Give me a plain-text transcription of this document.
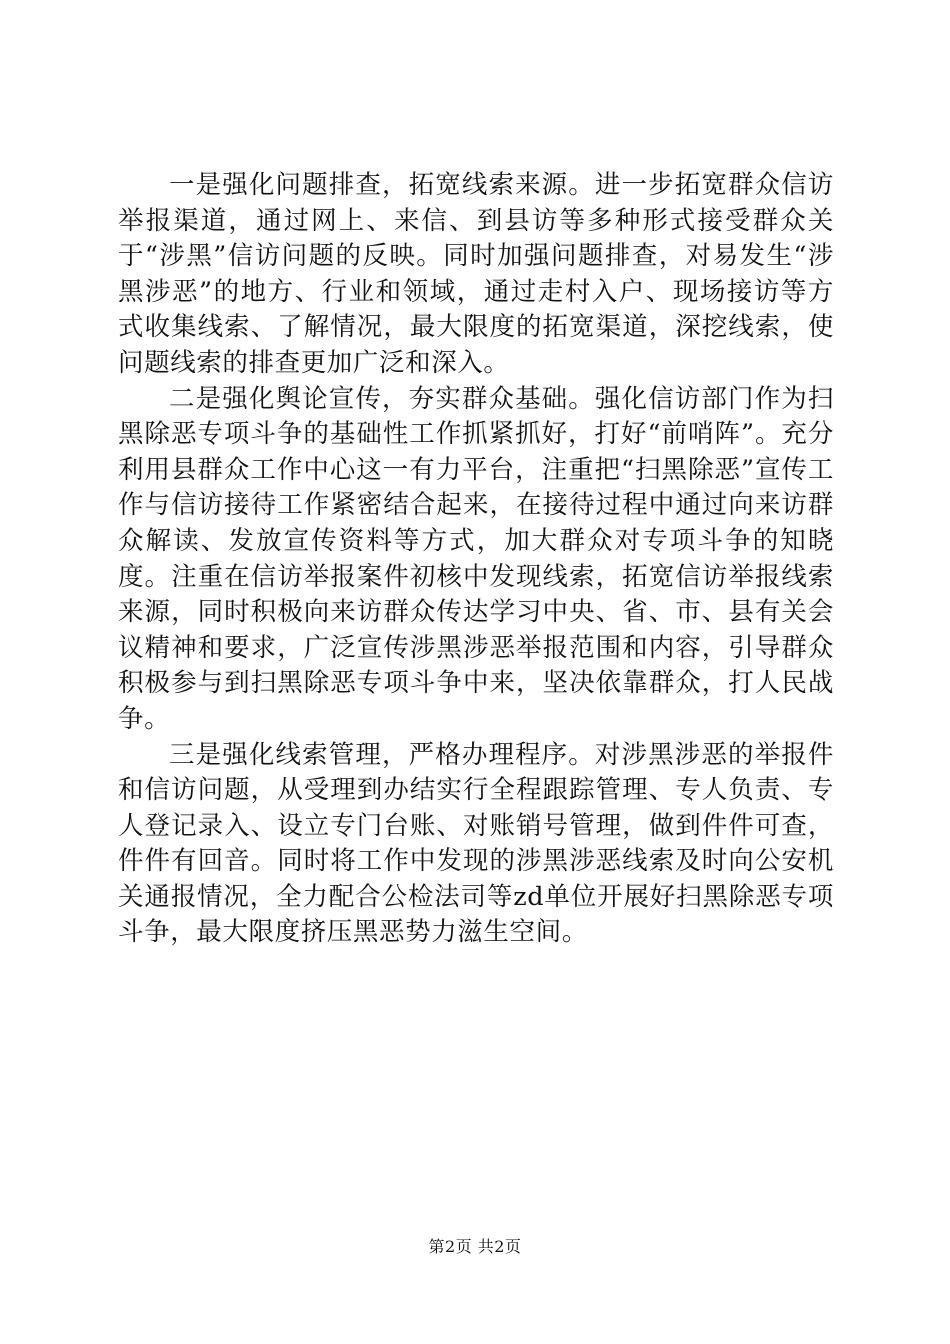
一是强化问题排查，拓宽线索来源。进一步拓宽群众信访举报渠道，通过网上、来信、到县访等多种形式接受群众关于“涉黑”信访问题的反映。同时加强问题排查，对易发生“涉黑涉恶”的地方、行业和领域，通过走村入户、现场接访等方式收集线索、了解情况，最大限度的拓宽渠道，深挖线索，使问题线索的排查更加广泛和深入。

二是强化舆论宣传，夯实群众基础。强化信访部门作为扫黑除恶专项斗争的基础性工作抓紧抓好，打好“前哨阵”。充分利用县群众工作中心这一有力平台，注重把“扫黑除恶”宣传工作与信访接待工作紧密结合起来，在接待过程中通过向来访群众解读、发放宣传资料等方式，加大群众对专项斗争的知晓度。注重在信访举报案件初核中发现线索，拓宽信访举报线索来源，同时积极向来访群众传达学习中央、省、市、县有关会议精神和要求，广泛宣传涉黑涉恶举报范围和内容，引导群众积极参与到扫黑除恶专项斗争中来，坚决依靠群众，打人民战争。

三是强化线索管理，严格办理程序。对涉黑涉恶的举报件和信访问题，从受理到办结实行全程跟踪管理、专人负责、专人登记录入、设立专门台账、对账销号管理，做到件件可查，件件有回音。同时将工作中发现的涉黑涉恶线索及时向公安机关通报情况，全力配合公检法司等zd单位开展好扫黑除恶专项斗争，最大限度挤压黑恶势力滋生空间。

第2页 共2页
